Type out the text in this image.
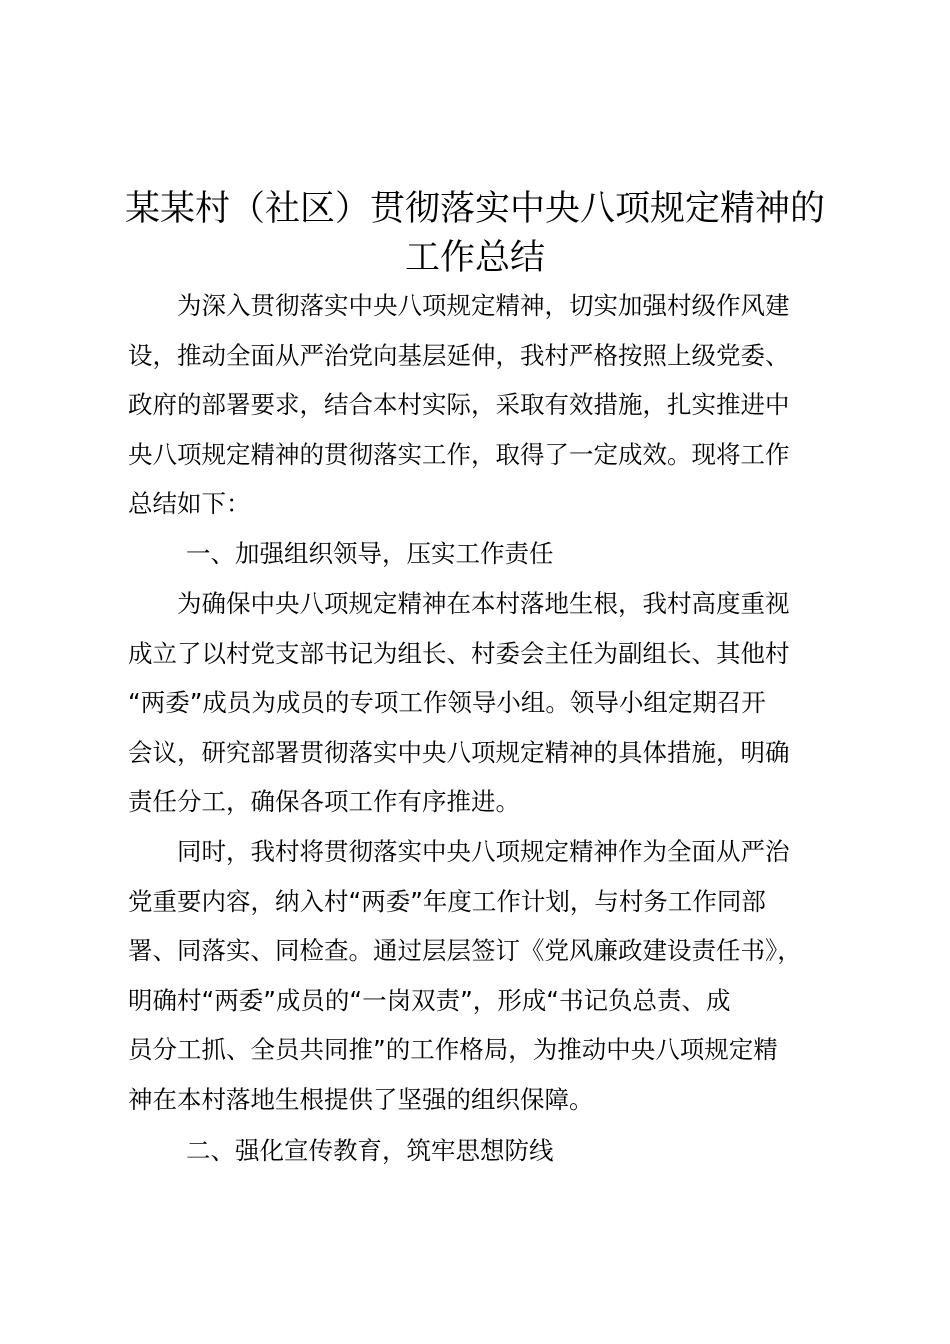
某某村（社区）贯彻落实中央八项规定精神的
工作总结
　　为深入贯彻落实中央八项规定精神，切实加强村级作风建
设，推动全面从严治党向基层延伸，我村严格按照上级党委、
政府的部署要求，结合本村实际，采取有效措施，扎实推进中
央八项规定精神的贯彻落实工作，取得了一定成效。现将工作
总结如下：
一、加强组织领导，压实工作责任
　　为确保中央八项规定精神在本村落地生根，我村高度重视
成立了以村党支部书记为组长、村委会主任为副组长、其他村
“两委”成员为成员的专项工作领导小组。领导小组定期召开
会议，研究部署贯彻落实中央八项规定精神的具体措施，明确
责任分工，确保各项工作有序推进。
　　同时，我村将贯彻落实中央八项规定精神作为全面从严治
党重要内容，纳入村“两委”年度工作计划，与村务工作同部
署、同落实、同检查。通过层层签订《党风廉政建设责任书》，
明确村“两委”成员的“一岗双责”，形成“书记负总责、成
员分工抓、全员共同推”的工作格局，为推动中央八项规定精
神在本村落地生根提供了坚强的组织保障。
二、强化宣传教育，筑牢思想防线
